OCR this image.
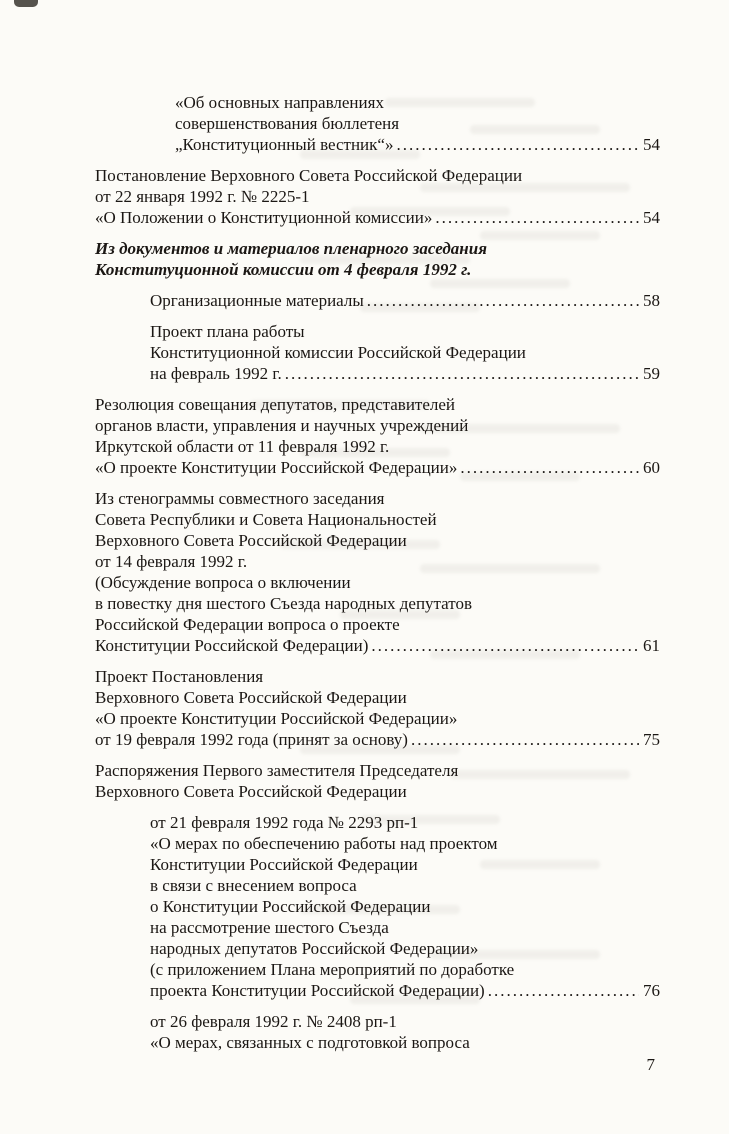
«Об основных направлениях
совершенствования бюллетеня
„Конституционный вестник“» .....	54
Постановление Верховного Совета Российской Федерации
от 22 января 1992 г. № 2225-1
«О Положении о Конституционной комиссии» .....	54
Из документов и материалов пленарного заседания
Конституционной комиссии от 4 февраля 1992 г.
Организационные материалы .....	58
Проект плана работы
Конституционной комиссии Российской Федерации
на февраль 1992 г. .....	59
Резолюция совещания депутатов, представителей
органов власти, управления и научных учреждений
Иркутской области от 11 февраля 1992 г.
«О проекте Конституции Российской Федерации» .....	60
Из стенограммы совместного заседания
Совета Республики и Совета Национальностей
Верховного Совета Российской Федерации
от 14 февраля 1992 г.
(Обсуждение вопроса о включении
в повестку дня шестого Съезда народных депутатов
Российской Федерации вопроса о проекте
Конституции Российской Федерации) .....	61
Проект Постановления
Верховного Совета Российской Федерации
«О проекте Конституции Российской Федерации»
от 19 февраля 1992 года (принят за основу) .....	75
Распоряжения Первого заместителя Председателя
Верховного Совета Российской Федерации
от 21 февраля 1992 года № 2293 рп-1
«О мерах по обеспечению работы над проектом
Конституции Российской Федерации
в связи с внесением вопроса
о Конституции Российской Федерации
на рассмотрение шестого Съезда
народных депутатов Российской Федерации»
(с приложением Плана мероприятий по доработке
проекта Конституции Российской Федерации) .....	76
от 26 февраля 1992 г. № 2408 рп-1
«О мерах, связанных с подготовкой вопроса
7
